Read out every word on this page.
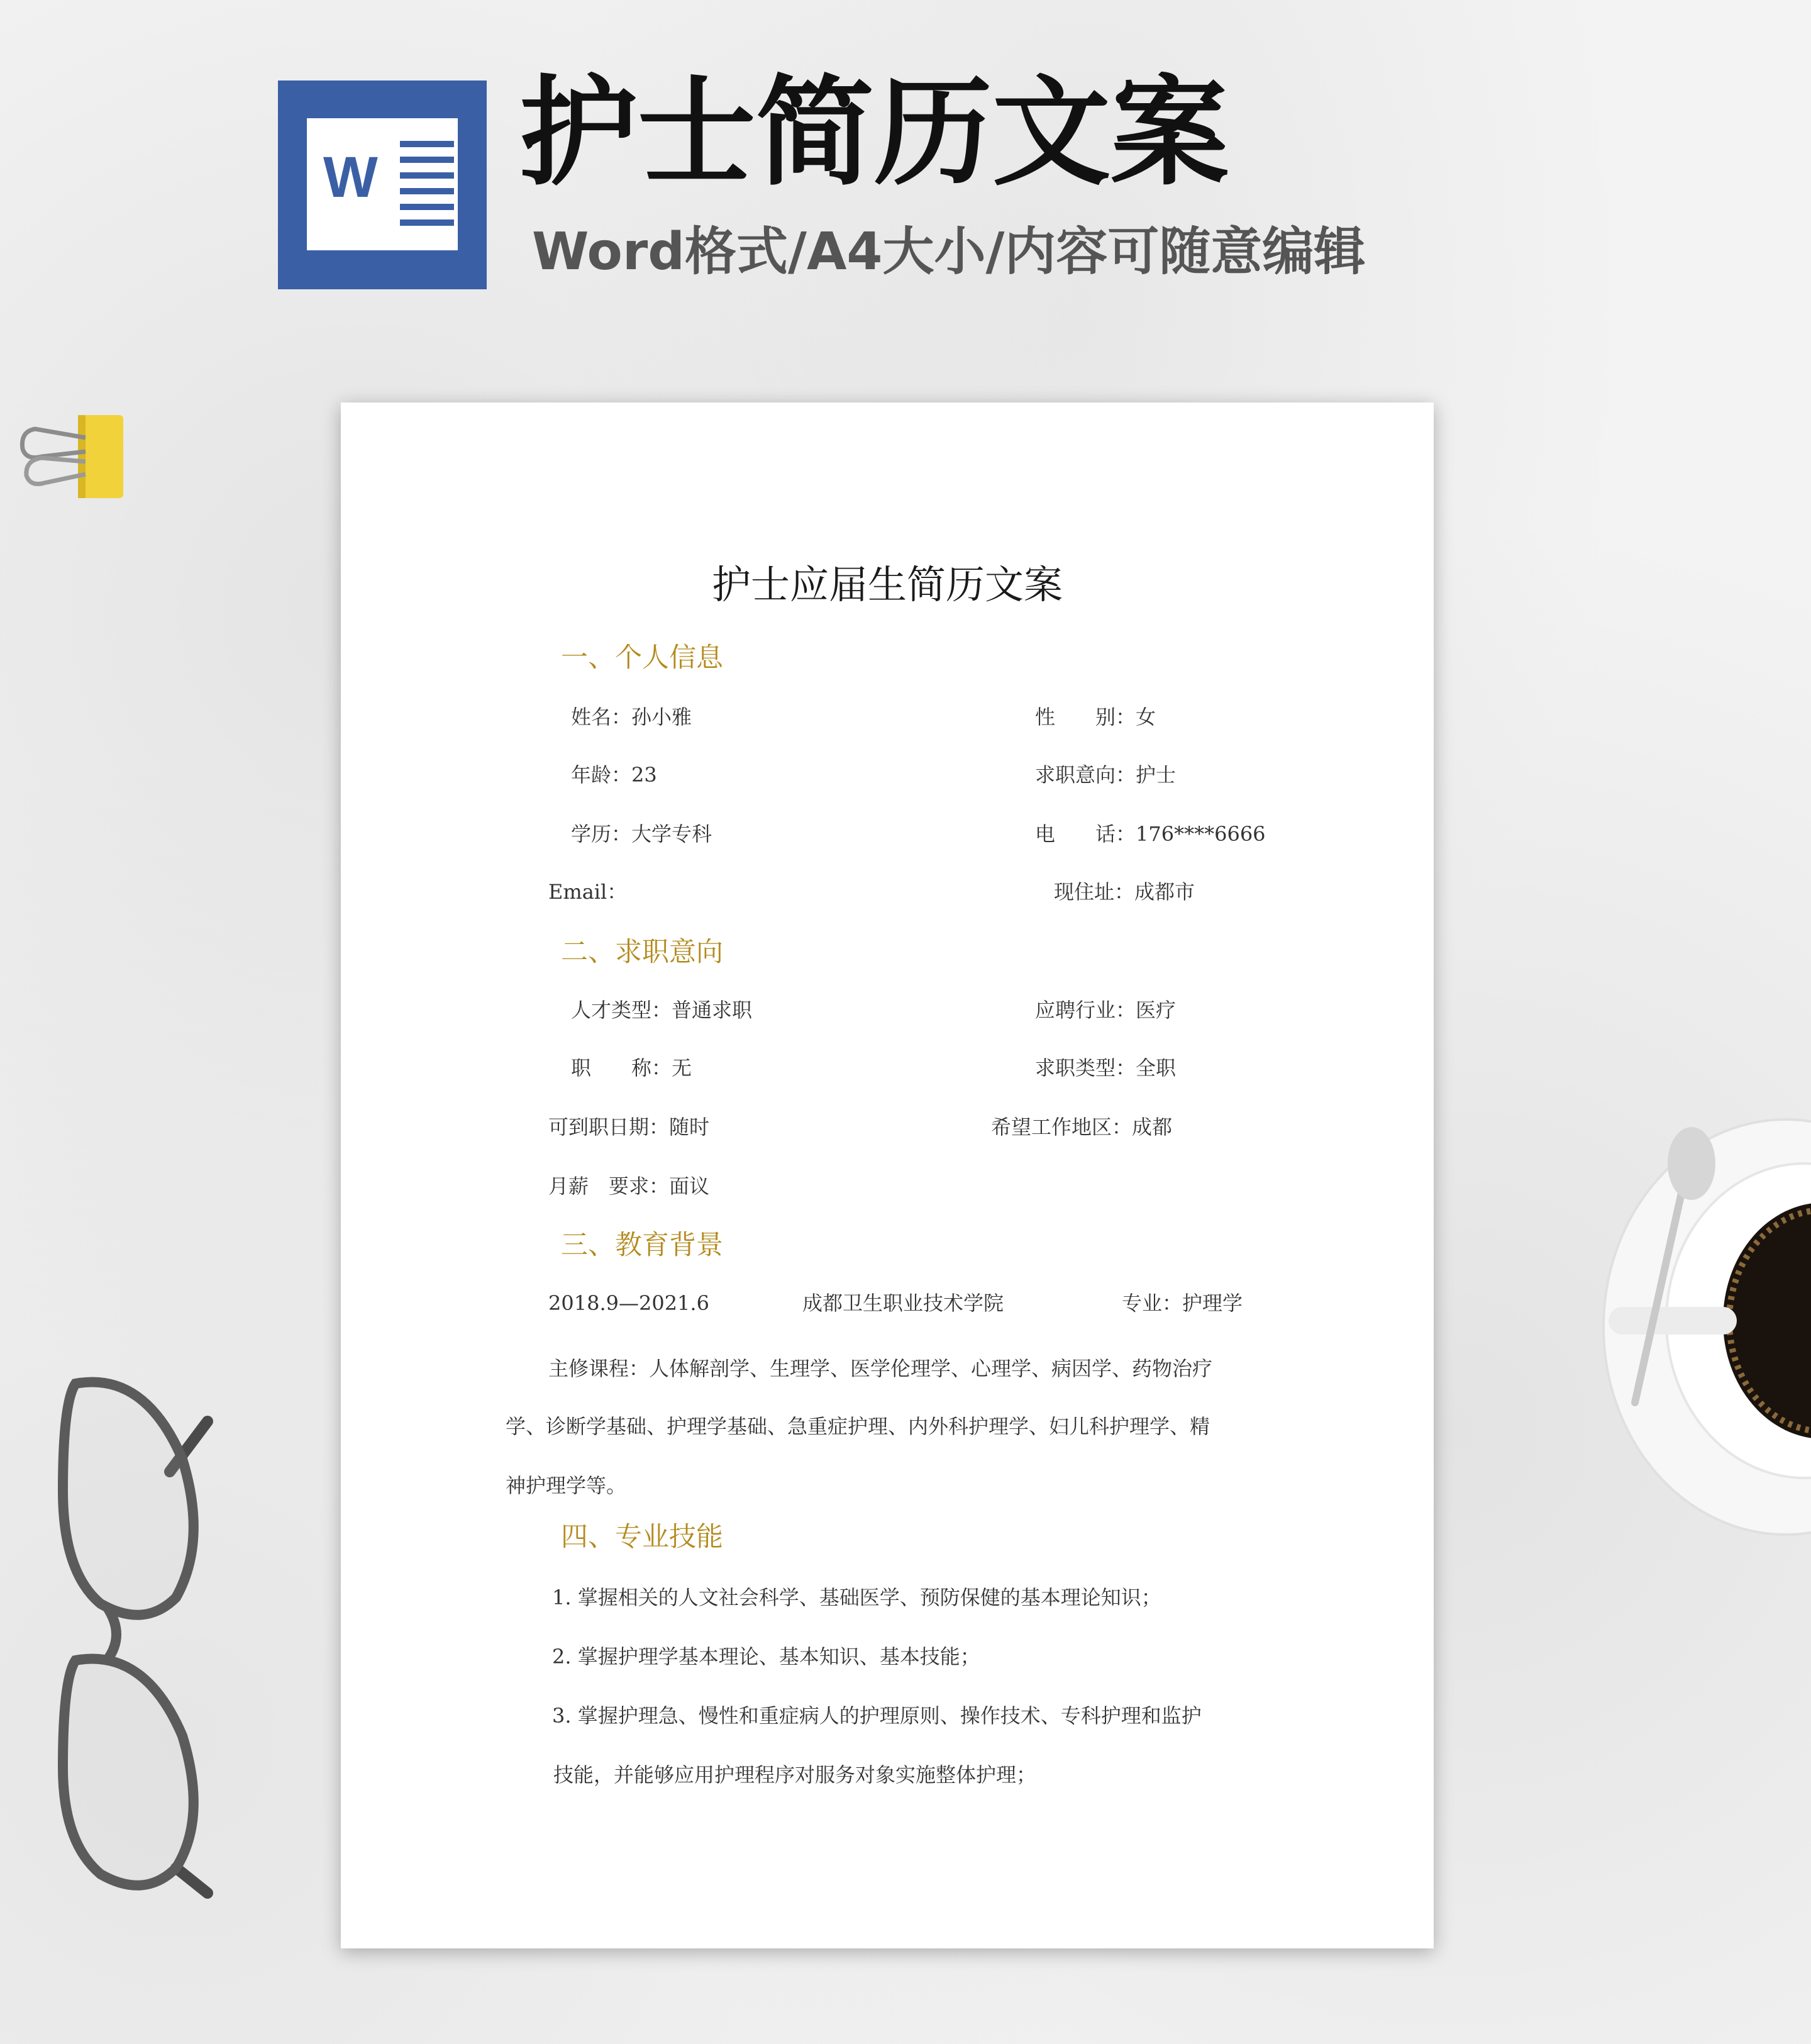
W 护士简历文案
Word格式/A4大小/内容可随意编辑
护士应届生简历文案
一、个人信息
姓名：孙小雅	性　　别：女
年龄：23	求职意向：护士
学历：大学专科	电　　话：176****6666
Email：	现住址：成都市
二、求职意向
人才类型：普通求职	应聘行业：医疗
职　　称：无	求职类型：全职
可到职日期：随时	希望工作地区：成都
月薪　要求：面议
三、教育背景
2018.9—2021.6	成都卫生职业技术学院	专业：护理学
主修课程：人体解剖学、生理学、医学伦理学、心理学、病因学、药物治疗
学、诊断学基础、护理学基础、急重症护理、内外科护理学、妇儿科护理学、精
神护理学等。
四、专业技能
1. 掌握相关的人文社会科学、基础医学、预防保健的基本理论知识；
2. 掌握护理学基本理论、基本知识、基本技能；
3. 掌握护理急、慢性和重症病人的护理原则、操作技术、专科护理和监护
技能，并能够应用护理程序对服务对象实施整体护理；
